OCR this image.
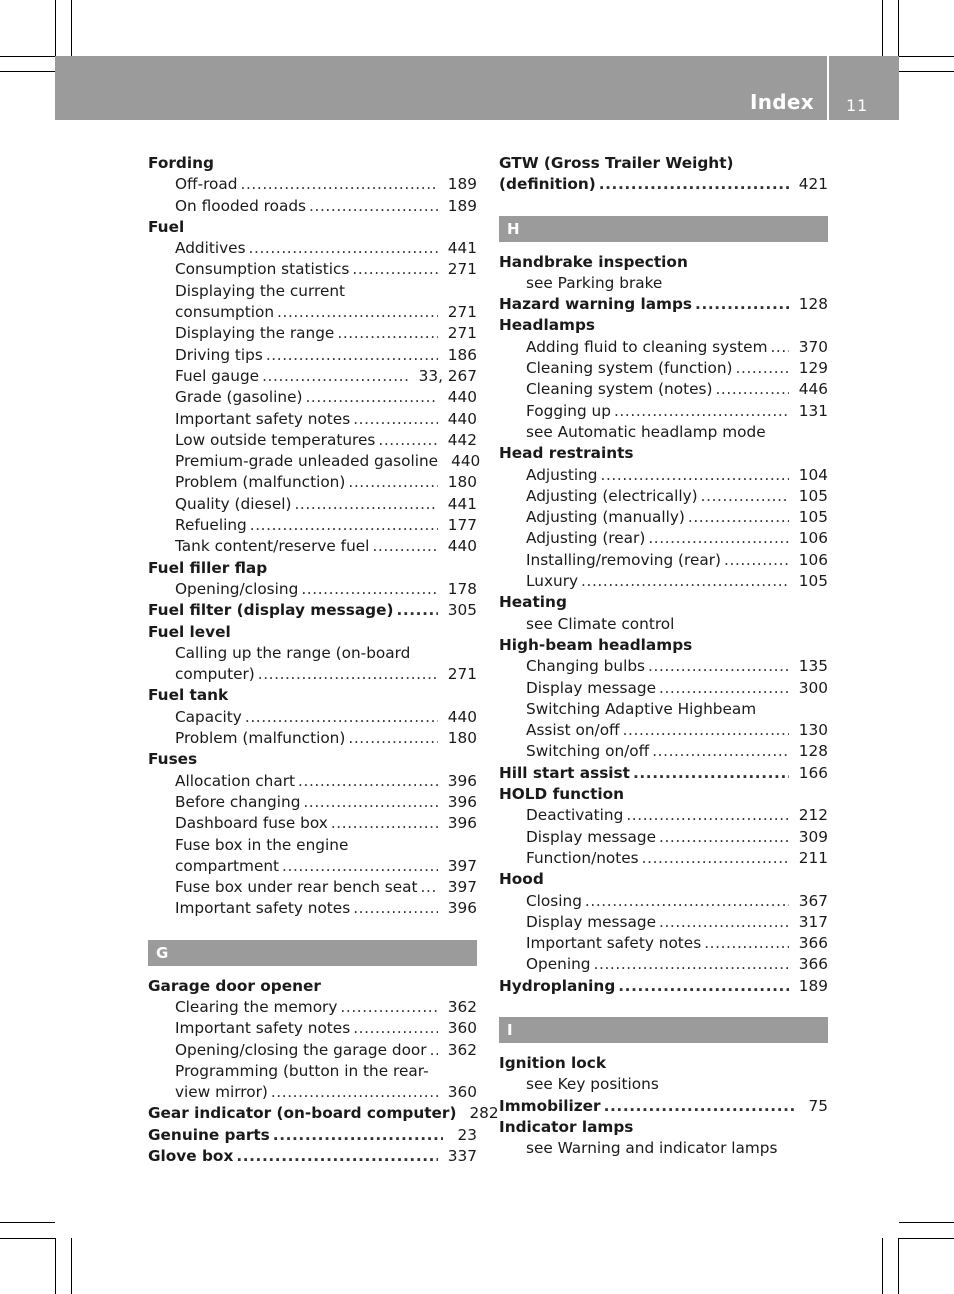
Index 11
Fording
Off-road .....	189
On flooded roads .....	189
Fuel
Additives .....	441
Consumption statistics .....	271
Displaying the current
consumption .....	271
Displaying the range .....	271
Driving tips .....	186
Fuel gauge .....	33, 267
Grade (gasoline) .....	440
Important safety notes .....	440
Low outside temperatures .....	442
Premium-grade unleaded gasoline 440
Problem (malfunction) .....	180
Quality (diesel) .....	441
Refueling .....	177
Tank content/reserve fuel .....	440
Fuel filler flap
Opening/closing .....	178
Fuel filter (display message) .....	305
Fuel level
Calling up the range (on-board
computer) .....	271
Fuel tank
Capacity .....	440
Problem (malfunction) .....	180
Fuses
Allocation chart .....	396
Before changing .....	396
Dashboard fuse box .....	396
Fuse box in the engine
compartment .....	397
Fuse box under rear bench seat ..... 397
Important safety notes .....	396
G
Garage door opener
Clearing the memory .....	362
Important safety notes .....	360
Opening/closing the garage door ..... 362
Programming (button in the rear-
view mirror) .....	360
Gear indicator (on-board computer) 282
Genuine parts .....	23
Glove box .....	337
GTW (Gross Trailer Weight)
(definition) .....	421
H
Handbrake inspection
see Parking brake
Hazard warning lamps .....	128
Headlamps
Adding fluid to cleaning system ..... 370
Cleaning system (function) .....	129
Cleaning system (notes) .....	446
Fogging up .....	131
see Automatic headlamp mode
Head restraints
Adjusting .....	104
Adjusting (electrically) .....	105
Adjusting (manually) .....	105
Adjusting (rear) .....	106
Installing/removing (rear) .....	106
Luxury .....	105
Heating
see Climate control
High-beam headlamps
Changing bulbs .....	135
Display message .....	300
Switching Adaptive Highbeam
Assist on/off .....	130
Switching on/off .....	128
Hill start assist .....	166
HOLD function
Deactivating .....	212
Display message .....	309
Function/notes .....	211
Hood
Closing .....	367
Display message .....	317
Important safety notes .....	366
Opening .....	366
Hydroplaning .....	189
I
Ignition lock
see Key positions
Immobilizer .....	75
Indicator lamps
see Warning and indicator lamps
